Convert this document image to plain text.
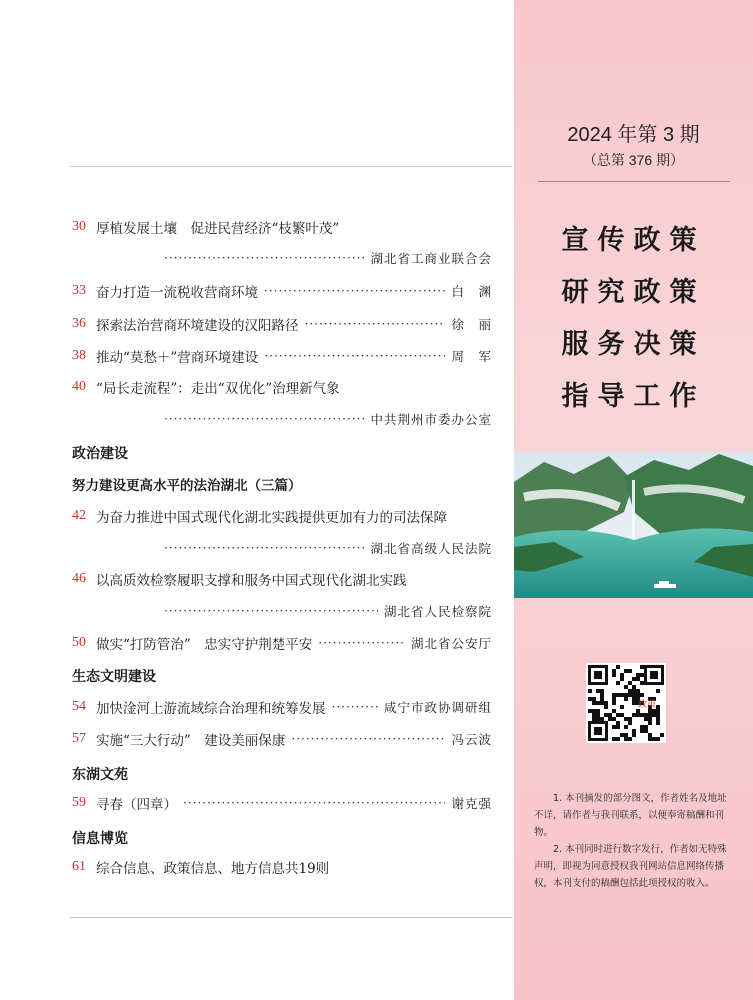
30 厚植发展土壤　促进民营经济“枝繁叶茂”
·····
湖北省工商业联合会
33 奋力打造一流税收营商环境 ·····	白　渊
36 探索法治营商环境建设的汉阳路径 ·····	徐　丽
38 推动“莫愁＋”营商环境建设 ·····	周　军
40 “局长走流程”：走出“双优化”治理新气象
·····
中共荆州市委办公室
政治建设
努力建设更高水平的法治湖北（三篇）
42 为奋力推进中国式现代化湖北实践提供更加有力的司法保障
·····
湖北省高级人民法院
46 以高质效检察履职支撑和服务中国式现代化湖北实践
·····
湖北省人民检察院
50 做实“打防管治”　忠实守护荆楚平安 ·····	湖北省公安厅
生态文明建设
54 加快淦河上游流域综合治理和统筹发展 ·····	咸宁市政协调研组
57 实施“三大行动”　建设美丽保康 ·····	冯云波
东湖文苑
59 寻春（四章） ·····	谢克强
信息博览
61 综合信息、政策信息、地方信息共19则
2024 年第 3 期
（总第 376 期）
宣传政策
研究政策
服务决策
指导工作
政策

1. 本刊摘发的部分图文，作者姓名及地址不详，请作者与我刊联系，以便奉寄稿酬和刊物。

2. 本刊同时进行数字发行，作者如无特殊声明，即视为同意授权我刊网站信息网络传播权，本刊支付的稿酬包括此项授权的收入。
